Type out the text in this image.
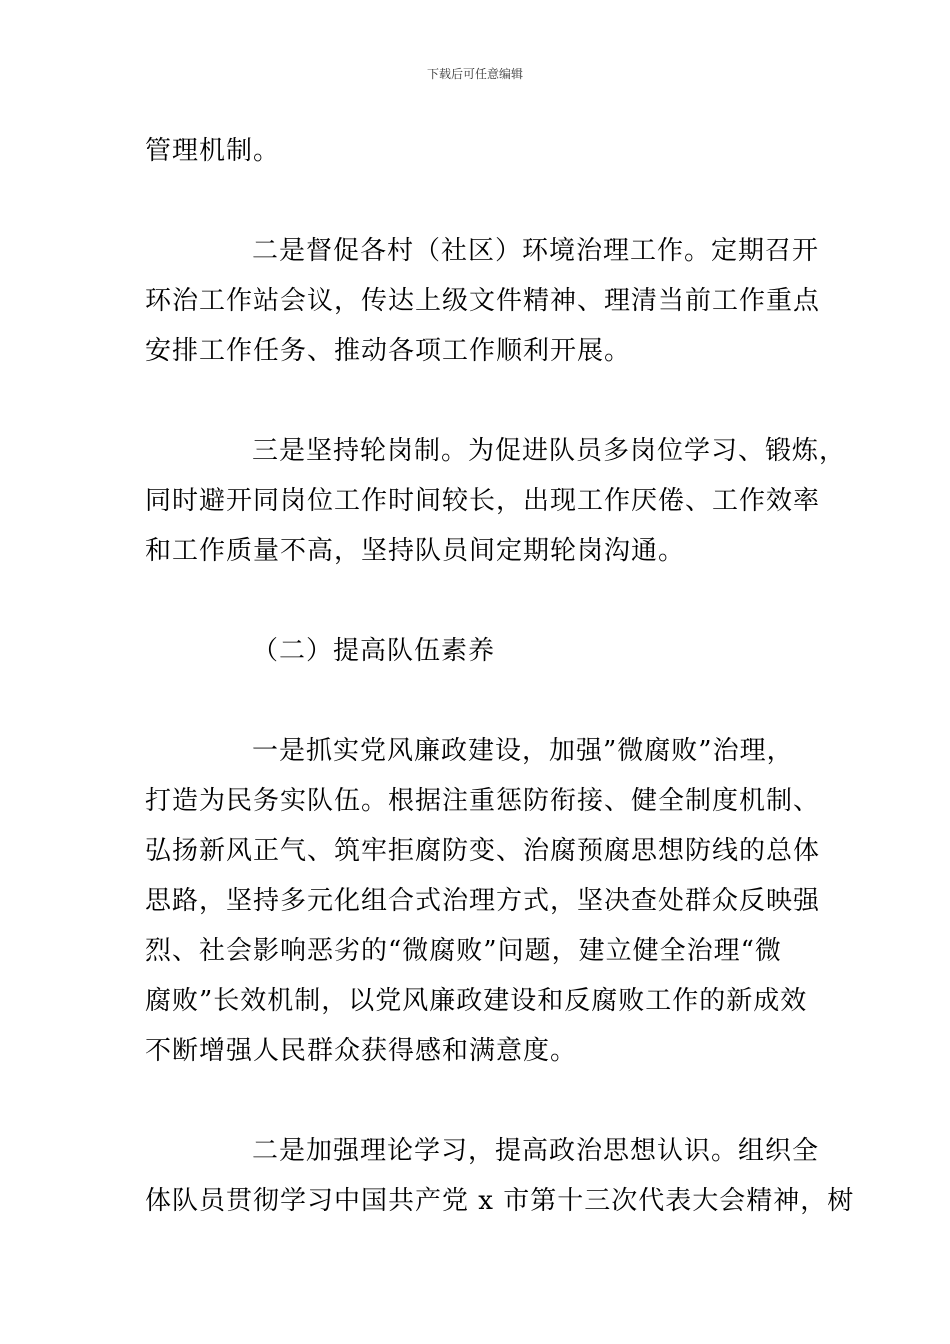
下载后可任意编辑

管理机制。

二是督促各村（社区）环境治理工作。定期召开
环治工作站会议，传达上级文件精神、理清当前工作重点
安排工作任务、推动各项工作顺利开展。

三是坚持轮岗制。为促进队员多岗位学习、锻炼，
同时避开同岗位工作时间较长，出现工作厌倦、工作效率
和工作质量不高，坚持队员间定期轮岗沟通。

（二）提高队伍素养

一是抓实党风廉政建设，加强”微腐败”治理，
打造为民务实队伍。根据注重惩防衔接、健全制度机制、
弘扬新风正气、筑牢拒腐防变、治腐预腐思想防线的总体
思路，坚持多元化组合式治理方式，坚决查处群众反映强
烈、社会影响恶劣的“微腐败”问题，建立健全治理“微
腐败”长效机制，以党风廉政建设和反腐败工作的新成效
不断增强人民群众获得感和满意度。

二是加强理论学习，提高政治思想认识。组织全
体队员贯彻学习中国共产党 x 市第十三次代表大会精神，树
